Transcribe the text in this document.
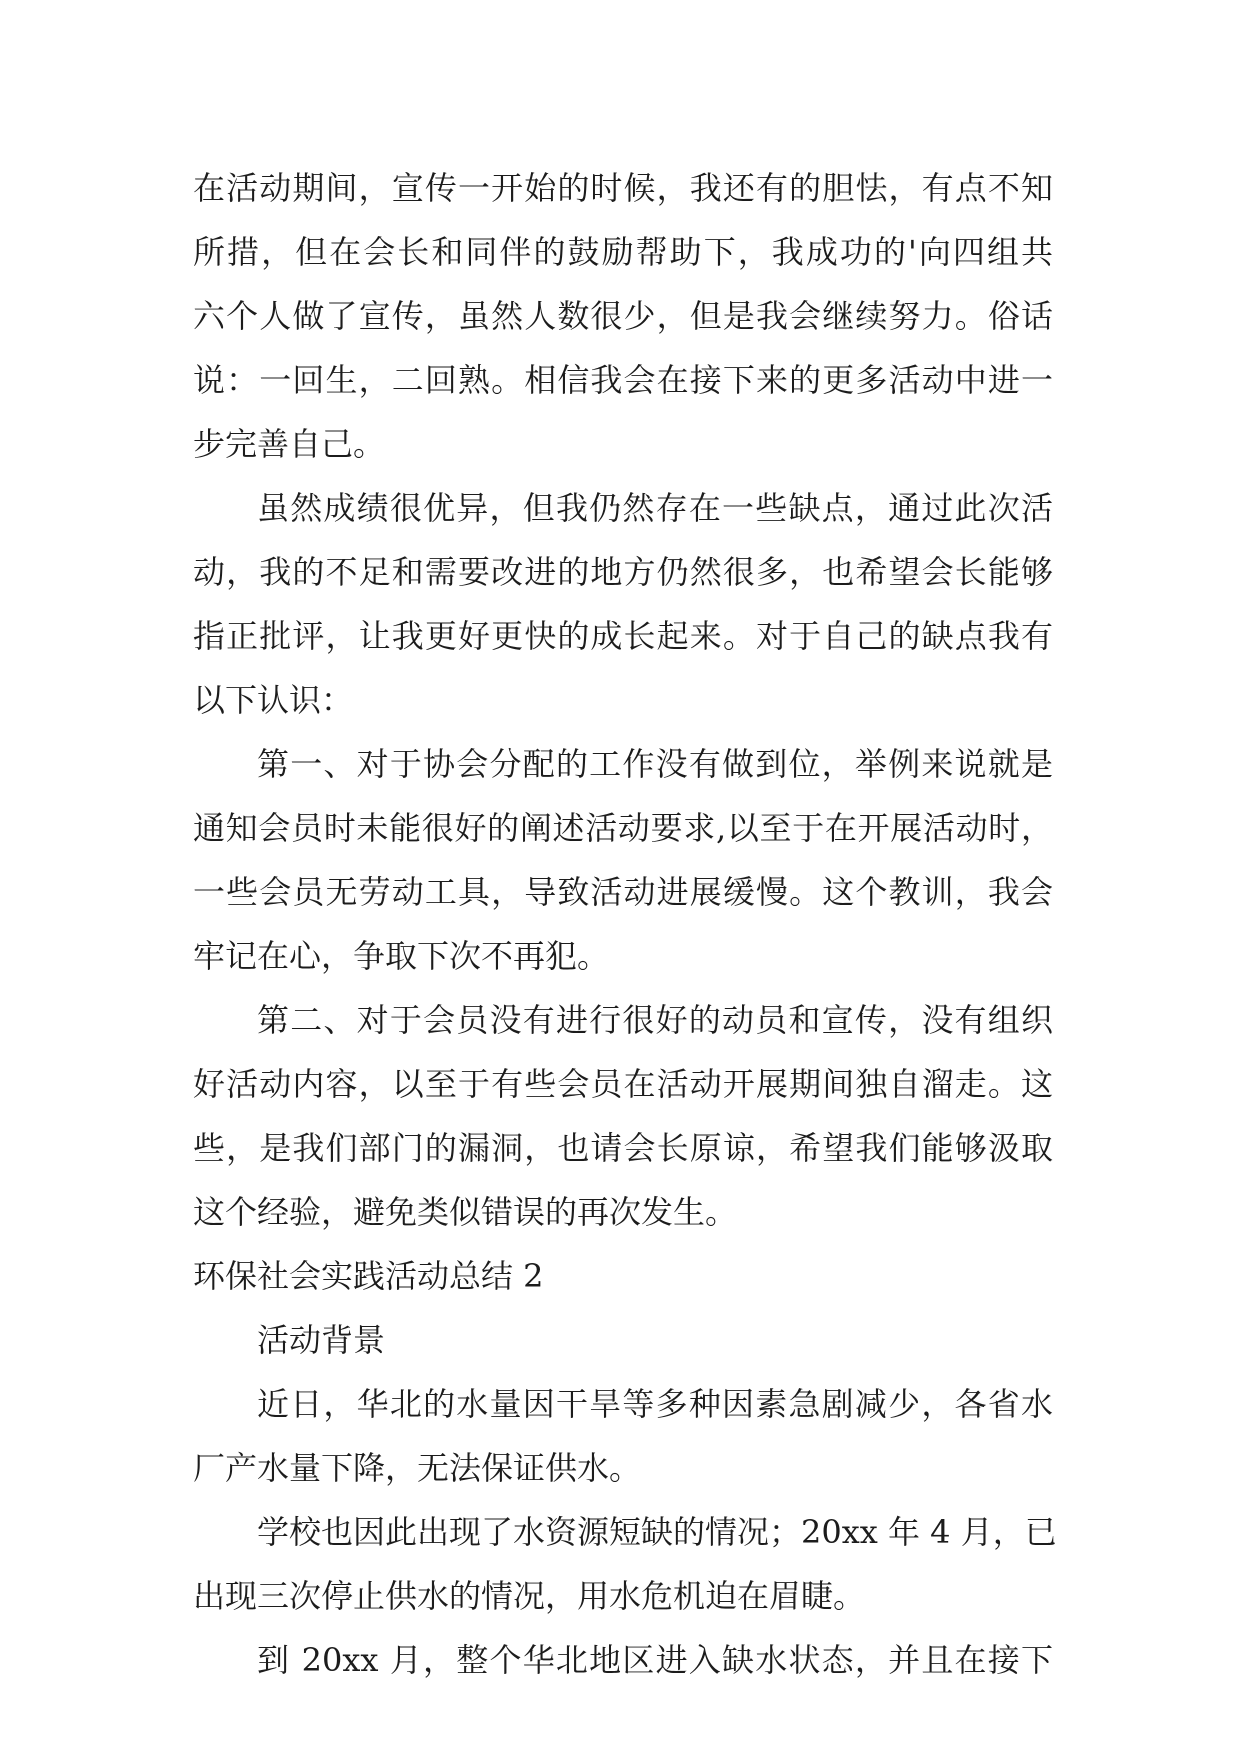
在活动期间，宣传一开始的时候，我还有的胆怯，有点不知
所措，但在会长和同伴的鼓励帮助下，我成功的'向四组共
六个人做了宣传，虽然人数很少，但是我会继续努力。俗话
说：一回生，二回熟。相信我会在接下来的更多活动中进一
步完善自己。
虽然成绩很优异，但我仍然存在一些缺点，通过此次活
动，我的不足和需要改进的地方仍然很多，也希望会长能够
指正批评，让我更好更快的成长起来。对于自己的缺点我有
以下认识：
第一、对于协会分配的工作没有做到位，举例来说就是
通知会员时未能很好的阐述活动要求,以至于在开展活动时，
一些会员无劳动工具，导致活动进展缓慢。这个教训，我会
牢记在心，争取下次不再犯。
第二、对于会员没有进行很好的动员和宣传，没有组织
好活动内容，以至于有些会员在活动开展期间独自溜走。这
些，是我们部门的漏洞，也请会长原谅，希望我们能够汲取
这个经验，避免类似错误的再次发生。
环保社会实践活动总结 2
活动背景
近日，华北的水量因干旱等多种因素急剧减少，各省水
厂产水量下降，无法保证供水。
学校也因此出现了水资源短缺的情况；20xx 年 4 月，已
出现三次停止供水的情况，用水危机迫在眉睫。
到 20xx 月，整个华北地区进入缺水状态，并且在接下
